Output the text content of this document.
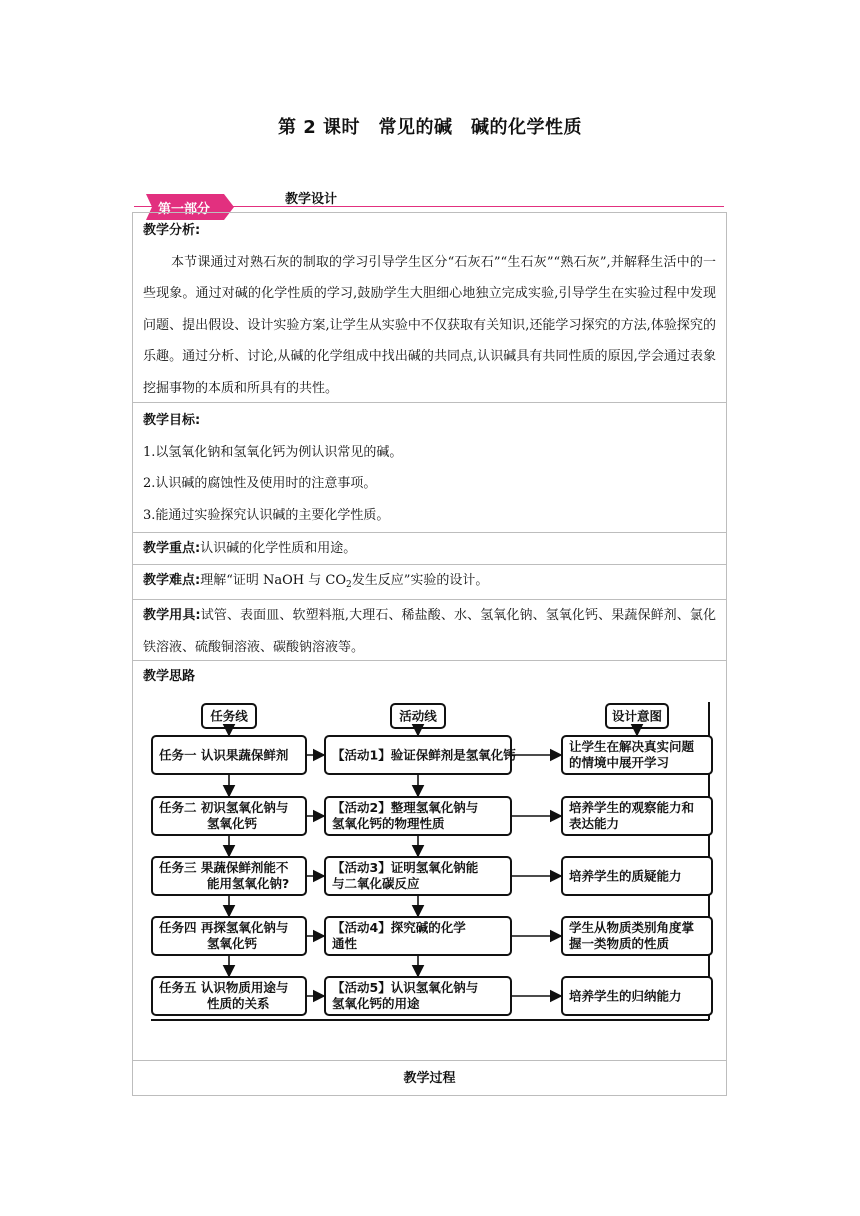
第 2 课时　常见的碱　碱的化学性质
第一部分
教学设计
教学分析:
本节课通过对熟石灰的制取的学习引导学生区分“石灰石”“生石灰”“熟石灰”,并解释生活中的一些现象。通过对碱的化学性质的学习,鼓励学生大胆细心地独立完成实验,引导学生在实验过程中发现问题、提出假设、设计实验方案,让学生从实验中不仅获取有关知识,还能学习探究的方法,体验探究的乐趣。通过分析、讨论,从碱的化学组成中找出碱的共同点,认识碱具有共同性质的原因,学会通过表象挖掘事物的本质和所具有的共性。
教学目标:
1.以氢氧化钠和氢氧化钙为例认识常见的碱。
2.认识碱的腐蚀性及使用时的注意事项。
3.能通过实验探究认识碱的主要化学性质。
教学重点:认识碱的化学性质和用途。
教学难点:理解“证明 NaOH 与 $CO_2$发生反应”实验的设计。
教学用具:试管、表面皿、软塑料瓶,大理石、稀盐酸、水、氢氧化钠、氢氧化钙、果蔬保鲜剂、氯化铁溶液、硫酸铜溶液、碳酸钠溶液等。
教学思路
任务线
任务一 认识果蔬保鲜剂
任务二 初识氢氧化钠与
氢氧化钙
任务三 果蔬保鲜剂能不
能用氢氧化钠?
任务四 再探氢氧化钠与
氢氧化钙
任务五 认识物质用途与
性质的关系
活动线
【活动1】验证保鲜剂是氢氧化钙
【活动2】整理氢氧化钠与
氢氧化钙的物理性质
【活动3】证明氢氧化钠能
与二氧化碳反应
【活动4】探究碱的化学
通性
【活动5】认识氢氧化钠与
氢氧化钙的用途
设计意图
让学生在解决真实问题
的情境中展开学习
培养学生的观察能力和
表达能力
培养学生的质疑能力
学生从物质类别角度掌
握一类物质的性质
培养学生的归纳能力
教学过程
